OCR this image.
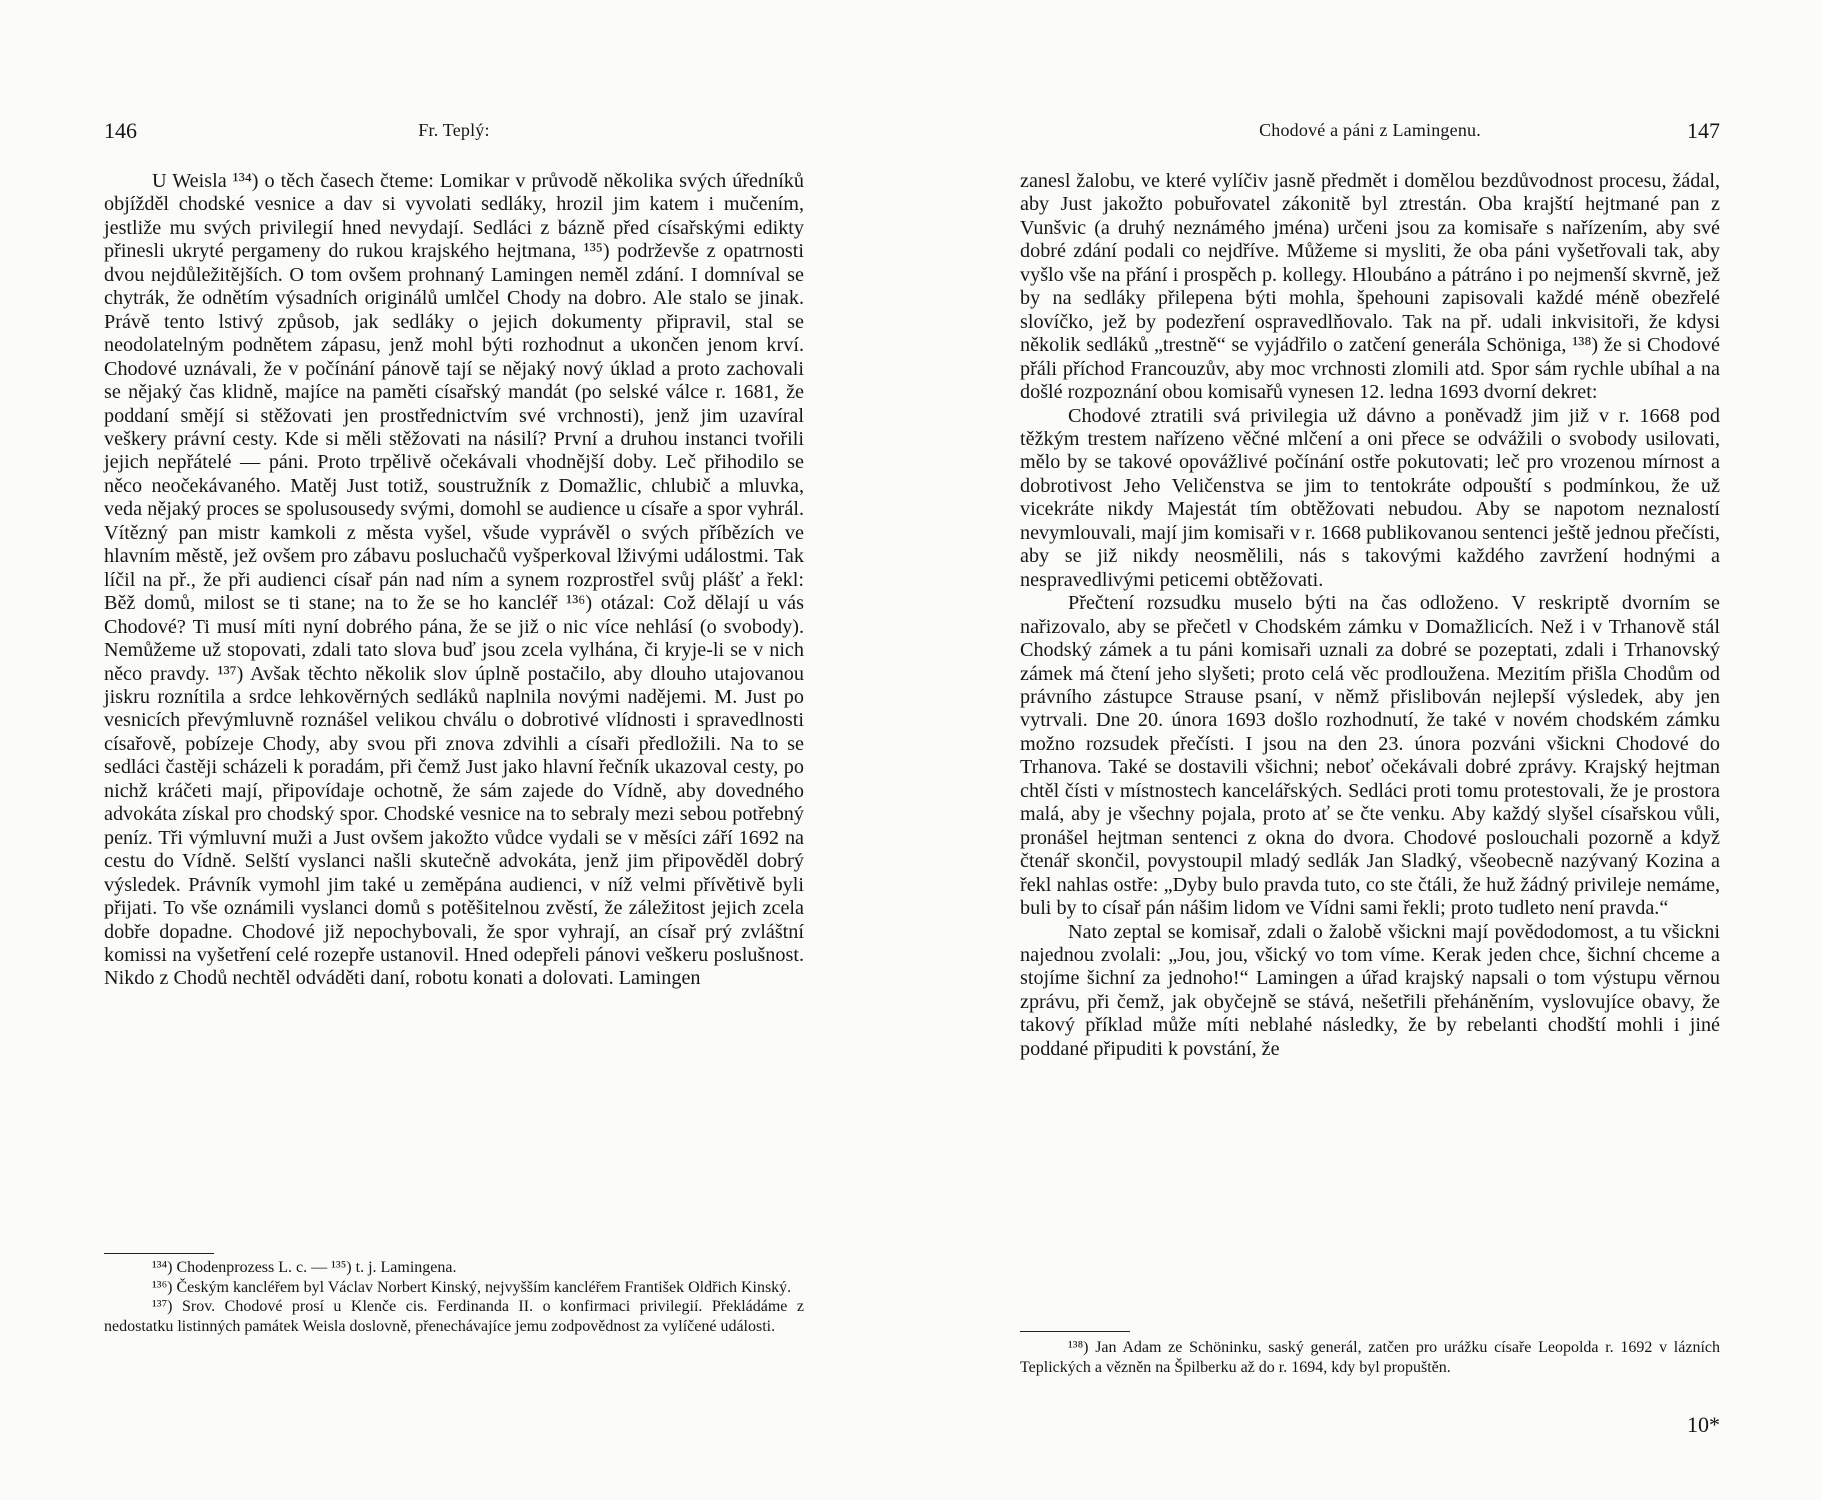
146	Fr. Teplý:

U Weisla ¹³⁴) o těch časech čteme: Lomikar v průvodě několika svých úředníků objížděl chodské vesnice a dav si vyvolati sedláky, hrozil jim katem i mučením, jestliže mu svých privilegií hned nevydají. Sedláci z bázně před císařskými edikty přinesli ukryté pergameny do rukou krajského hejtmana, ¹³⁵) podrževše z opatrnosti dvou nejdůležitějších. O tom ovšem prohnaný Lamingen neměl zdání. I domníval se chytrák, že odnětím výsadních originálů umlčel Chody na dobro. Ale stalo se jinak. Právě tento lstivý způsob, jak sedláky o jejich dokumenty připravil, stal se neodolatelným podnětem zápasu, jenž mohl býti rozhodnut a ukončen jenom krví. Chodové uznávali, že v počínání pánově tají se nějaký nový úklad a proto zachovali se nějaký čas klidně, majíce na paměti císařský mandát (po selské válce r. 1681, že poddaní smějí si stěžovati jen prostřednictvím své vrchnosti), jenž jim uzavíral veškery právní cesty. Kde si měli stěžovati na násilí? První a druhou instanci tvořili jejich nepřátelé — páni. Proto trpělivě očekávali vhodnější doby. Leč přihodilo se něco neočekávaného. Matěj Just totiž, soustružník z Domažlic, chlubič a mluvka, veda nějaký proces se spolusousedy svými, domohl se audience u císaře a spor vyhrál. Vítězný pan mistr kamkoli z města vyšel, všude vyprávěl o svých příbězích ve hlavním městě, jež ovšem pro zábavu posluchačů vyšperkoval lživými událostmi. Tak líčil na př., že při audienci císař pán nad ním a synem rozprostřel svůj plášť a řekl: Běž domů, milost se ti stane; na to že se ho kancléř ¹³⁶) otázal: Což dělají u vás Chodové? Ti musí míti nyní dobrého pána, že se již o nic více nehlásí (o svobody). Nemůžeme už stopovati, zdali tato slova buď jsou zcela vylhána, či kryje-li se v nich něco pravdy. ¹³⁷) Avšak těchto několik slov úplně postačilo, aby dlouho utajovanou jiskru roznítila a srdce lehkověrných sedláků naplnila novými nadějemi. M. Just po vesnicích převýmluvně roznášel velikou chválu o dobrotivé vlídnosti i spravedlnosti císařově, pobízeje Chody, aby svou při znova zdvihli a císaři předložili. Na to se sedláci častěji scházeli k poradám, při čemž Just jako hlavní řečník ukazoval cesty, po nichž kráčeti mají, připovídaje ochotně, že sám zajede do Vídně, aby dovedného advokáta získal pro chodský spor. Chodské vesnice na to sebraly mezi sebou potřebný peníz. Tři výmluvní muži a Just ovšem jakožto vůdce vydali se v měsíci září 1692 na cestu do Vídně. Selští vyslanci našli skutečně advokáta, jenž jim připověděl dobrý výsledek. Právník vymohl jim také u zeměpána audienci, v níž velmi přívětivě byli přijati. To vše oznámili vyslanci domů s potěšitelnou zvěstí, že záležitost jejich zcela dobře dopadne. Chodové již nepochybovali, že spor vyhrají, an císař prý zvláštní komissi na vyšetření celé rozepře ustanovil. Hned odepřeli pánovi veškeru poslušnost. Nikdo z Chodů nechtěl odváděti daní, robotu konati a dolovati. Lamingen

¹³⁴) Chodenprozess L. c. — ¹³⁵) t. j. Lamingena.

¹³⁶) Českým kancléřem byl Václav Norbert Kinský, nejvyšším kancléřem František Oldřich Kinský.

¹³⁷) Srov. Chodové prosí u Klenče cis. Ferdinanda II. o konfirmaci privilegií. Překládáme z nedostatku listinných památek Weisla doslovně, přenechávajíce jemu zodpovědnost za vylíčené události.

Chodové a páni z Lamingenu.	147

zanesl žalobu, ve které vylíčiv jasně předmět i domělou bezdůvodnost procesu, žádal, aby Just jakožto pobuřovatel zákonitě byl ztrestán. Oba krajští hejtmané pan z Vunšvic (a druhý neznámého jména) určeni jsou za komisaře s nařízením, aby své dobré zdání podali co nejdříve. Můžeme si mysliti, že oba páni vyšetřovali tak, aby vyšlo vše na přání i prospěch p. kollegy. Hloubáno a pátráno i po nejmenší skvrně, jež by na sedláky přilepena býti mohla, špehouni zapisovali každé méně obezřelé slovíčko, jež by podezření ospravedlňovalo. Tak na př. udali inkvisitoři, že kdysi několik sedláků „trestně“ se vyjádřilo o zatčení generála Schöniga, ¹³⁸) že si Chodové přáli příchod Francouzův, aby moc vrchnosti zlomili atd. Spor sám rychle ubíhal a na došlé rozpoznání obou komisařů vynesen 12. ledna 1693 dvorní dekret:

Chodové ztratili svá privilegia už dávno a poněvadž jim již v r. 1668 pod těžkým trestem nařízeno věčné mlčení a oni přece se odvážili o svobody usilovati, mělo by se takové opovážlivé počínání ostře pokutovati; leč pro vrozenou mírnost a dobrotivost Jeho Veličenstva se jim to tentokráte odpouští s podmínkou, že už vicekráte nikdy Majestát tím obtěžovati nebudou. Aby se napotom neznalostí nevymlouvali, mají jim komisaři v r. 1668 publikovanou sentenci ještě jednou přečísti, aby se již nikdy neosmělili, nás s takovými každého zavržení hodnými a nespravedlivými peticemi obtěžovati.

Přečtení rozsudku muselo býti na čas odloženo. V reskriptě dvorním se nařizovalo, aby se přečetl v Chodském zámku v Domažlicích. Než i v Trhanově stál Chodský zámek a tu páni komisaři uznali za dobré se pozeptati, zdali i Trhanovský zámek má čtení jeho slyšeti; proto celá věc prodloužena. Mezitím přišla Chodům od právního zástupce Strause psaní, v němž přislibován nejlepší výsledek, aby jen vytrvali. Dne 20. února 1693 došlo rozhodnutí, že také v novém chodském zámku možno rozsudek přečísti. I jsou na den 23. února pozváni všickni Chodové do Trhanova. Také se dostavili všichni; neboť očekávali dobré zprávy. Krajský hejtman chtěl čísti v místnostech kancelářských. Sedláci proti tomu protestovali, že je prostora malá, aby je všechny pojala, proto ať se čte venku. Aby každý slyšel císařskou vůli, pronášel hejtman sentenci z okna do dvora. Chodové poslouchali pozorně a když čtenář skončil, povystoupil mladý sedlák Jan Sladký, všeobecně nazývaný Kozina a řekl nahlas ostře: „Dyby bulo pravda tuto, co ste čtáli, že huž žádný privileje nemáme, buli by to císař pán nášim lidom ve Vídni sami řekli; proto tudleto není pravda.“

Nato zeptal se komisař, zdali o žalobě všickni mají povědodomost, a tu všickni najednou zvolali: „Jou, jou, všický vo tom víme. Kerak jeden chce, šichní chceme a stojíme šichní za jednoho!“ Lamingen a úřad krajský napsali o tom výstupu věrnou zprávu, při čemž, jak obyčejně se stává, nešetřili přeháněním, vyslovujíce obavy, že takový příklad může míti neblahé následky, že by rebelanti chodští mohli i jiné poddané připuditi k povstání, že

¹³⁸) Jan Adam ze Schöninku, saský generál, zatčen pro urážku císaře Leopolda r. 1692 v lázních Teplických a vězněn na Špilberku až do r. 1694, kdy byl propuštěn.

10*
